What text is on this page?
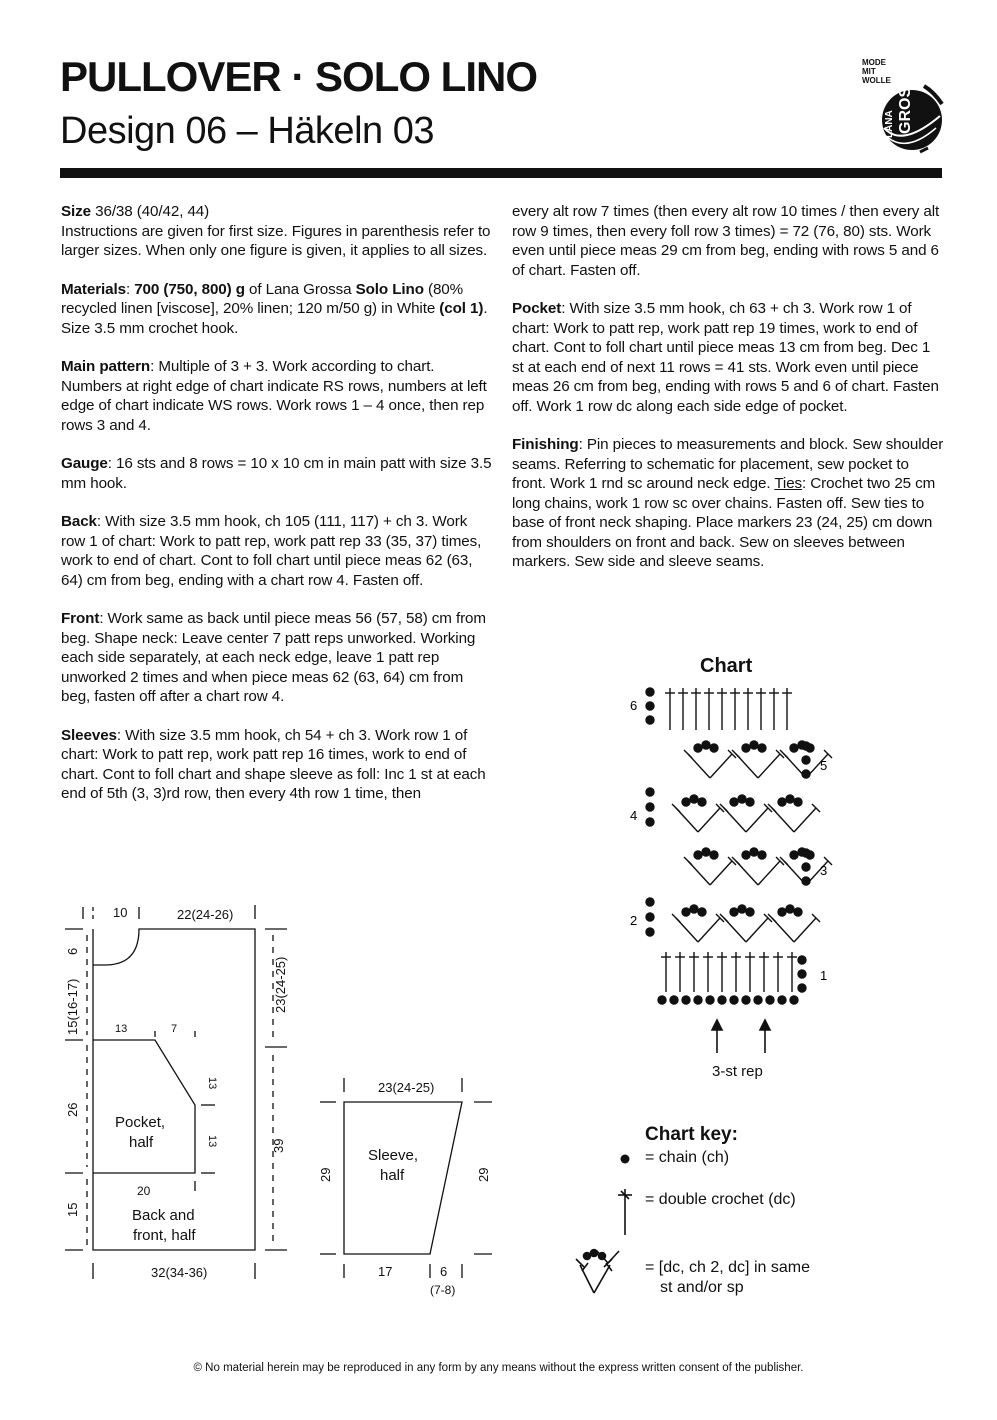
PULLOVER · SOLO LINO
Design 06 – Häkeln 03
MODE
MIT
WOLLE
LANA GROSSA

Size 36/38 (40/42, 44)
Instructions are given for first size. Figures in parenthesis refer to larger sizes. When only one figure is given, it applies to all sizes.

Materials: 700 (750, 800) g of Lana Grossa Solo Lino (80% recycled linen [viscose], 20% linen; 120 m/50 g) in White (col 1). Size 3.5 mm crochet hook.

Main pattern: Multiple of 3 + 3. Work according to chart. Numbers at right edge of chart indicate RS rows, numbers at left edge of chart indicate WS rows. Work rows 1 – 4 once, then rep rows 3 and 4.

Gauge: 16 sts and 8 rows = 10 x 10 cm in main patt with size 3.5 mm hook.

Back: With size 3.5 mm hook, ch 105 (111, 117) + ch 3. Work row 1 of chart: Work to patt rep, work patt rep 33 (35, 37) times, work to end of chart. Cont to foll chart until piece meas 62 (63, 64) cm from beg, ending with a chart row 4. Fasten off.

Front: Work same as back until piece meas 56 (57, 58) cm from beg. Shape neck: Leave center 7 patt reps unworked. Working each side separately, at each neck edge, leave 1 patt rep unworked 2 times and when piece meas 62 (63, 64) cm from beg, fasten off after a chart row 4.

Sleeves: With size 3.5 mm hook, ch 54 + ch 3. Work row 1 of chart: Work to patt rep, work patt rep 16 times, work to end of chart. Cont to foll chart and shape sleeve as foll: Inc 1 st at each end of 5th (3, 3)rd row, then every 4th row 1 time, then

every alt row 7 times (then every alt row 10 times / then every alt row 9 times, then every foll row 3 times) = 72 (76, 80) sts. Work even until piece meas 29 cm from beg, ending with rows 5 and 6 of chart. Fasten off.

Pocket: With size 3.5 mm hook, ch 63 + ch 3. Work row 1 of chart: Work to patt rep, work patt rep 19 times, work to end of chart. Cont to foll chart until piece meas 13 cm from beg. Dec 1 st at each end of next 11 rows = 41 sts. Work even until piece meas 26 cm from beg, ending with rows 5 and 6 of chart. Fasten off. Work 1 row dc along each side edge of pocket.

Finishing: Pin pieces to measurements and block. Sew shoulder seams. Referring to schematic for placement, sew pocket to front. Work 1 rnd sc around neck edge. Ties: Crochet two 25 cm long chains, work 1 row sc over chains. Fasten off. Sew ties to base of front neck shaping. Place markers 23 (24, 25) cm down from shoulders on front and back. Sew on sleeves between markers. Sew side and sleeve seams.

Chart
6
4
2
5
3
1
3-st rep
Chart key:
= chain (ch)
= double crochet (dc)
= [dc, ch 2, dc] in same
st and/or sp
10	22(24-26)
6
15(16-17)	23(24-25)
13	7
13
13
26
Pocket,
half	39
20
15	Back and
front, half
32(34-36)
23(24-25)
29	29
Sleeve,
half
17	6
(7-8)
© No material herein may be reproduced in any form by any means without the express written consent of the publisher.
